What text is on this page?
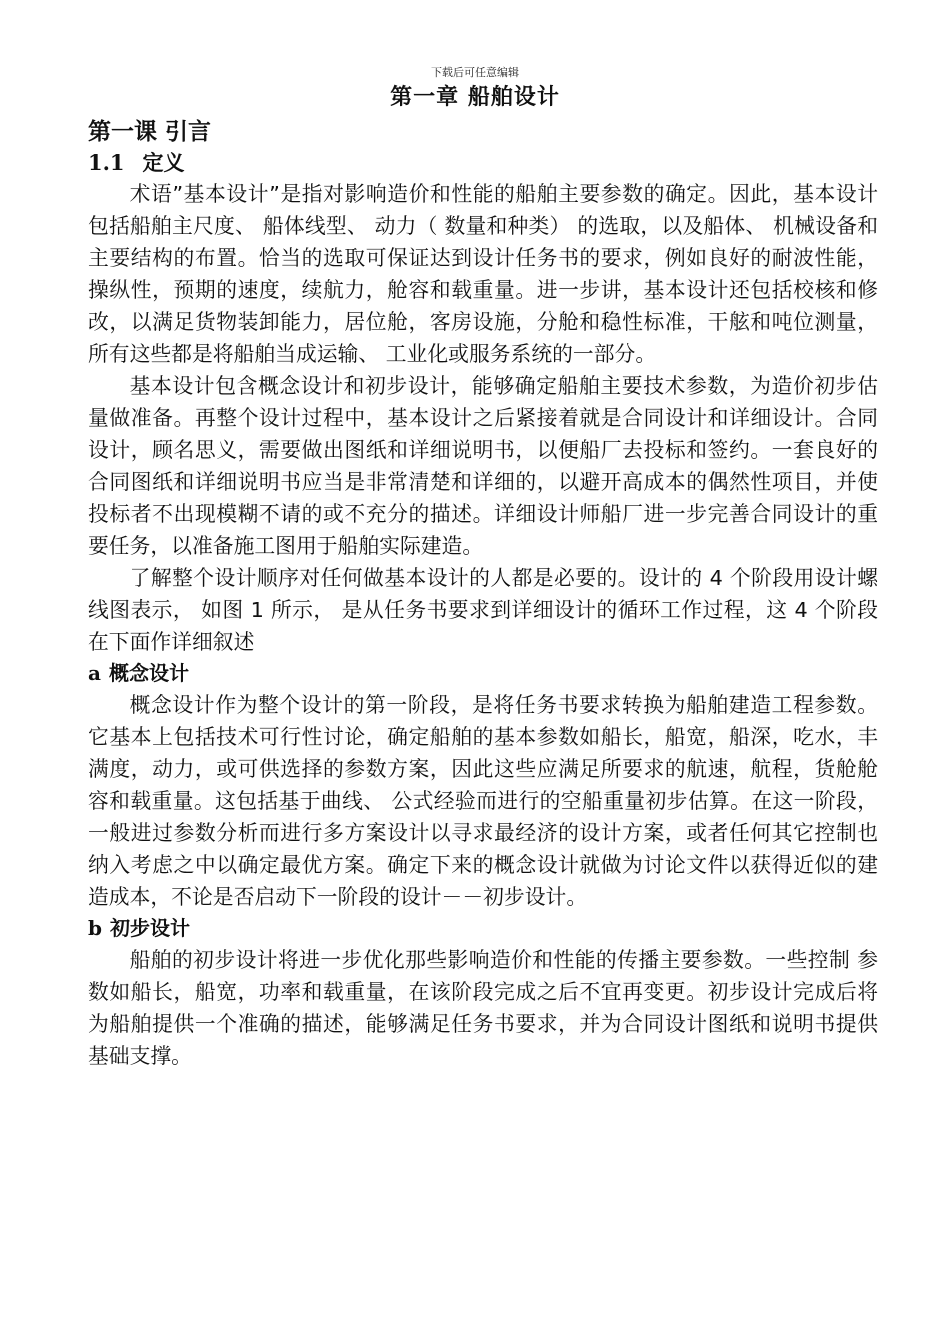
下载后可任意编辑
第一章 船舶设计
第一课 引言
1.1 定义

术语”基本设计”是指对影响造价和性能的船舶主要参数的确定。因此，基本设计包括船舶主尺度、 船体线型、 动力（ 数量和种类） 的选取，以及船体、 机械设备和主要结构的布置。恰当的选取可保证达到设计任务书的要求，例如良好的耐波性能，操纵性，预期的速度，续航力，舱容和载重量。进一步讲，基本设计还包括校核和修改，以满足货物装卸能力，居位舱，客房设施，分舱和稳性标准，干舷和吨位测量，所有这些都是将船舶当成运输、 工业化或服务系统的一部分。

基本设计包含概念设计和初步设计，能够确定船舶主要技术参数，为造价初步估量做准备。再整个设计过程中，基本设计之后紧接着就是合同设计和详细设计。合同设计，顾名思义，需要做出图纸和详细说明书，以便船厂去投标和签约。一套良好的合同图纸和详细说明书应当是非常清楚和详细的，以避开高成本的偶然性项目，并使投标者不出现模糊不请的或不充分的描述。详细设计师船厂进一步完善合同设计的重要任务，以准备施工图用于船舶实际建造。

了解整个设计顺序对任何做基本设计的人都是必要的。设计的 4 个阶段用设计螺线图表示， 如图 1 所示， 是从任务书要求到详细设计的循环工作过程，这 4 个阶段在下面作详细叙述

a 概念设计

概念设计作为整个设计的第一阶段，是将任务书要求转换为船舶建造工程参数。它基本上包括技术可行性讨论，确定船舶的基本参数如船长，船宽，船深，吃水，丰满度，动力，或可供选择的参数方案，因此这些应满足所要求的航速，航程，货舱舱容和载重量。这包括基于曲线、 公式经验而进行的空船重量初步估算。在这一阶段，一般进过参数分析而进行多方案设计以寻求最经济的设计方案，或者任何其它控制也纳入考虑之中以确定最优方案。确定下来的概念设计就做为讨论文件以获得近似的建造成本，不论是否启动下一阶段的设计－－初步设计。

b 初步设计

船舶的初步设计将进一步优化那些影响造价和性能的传播主要参数。一些控制 参数如船长，船宽，功率和载重量，在该阶段完成之后不宜再变更。初步设计完成后将为船舶提供一个准确的描述，能够满足任务书要求，并为合同设计图纸和说明书提供基础支撑。
